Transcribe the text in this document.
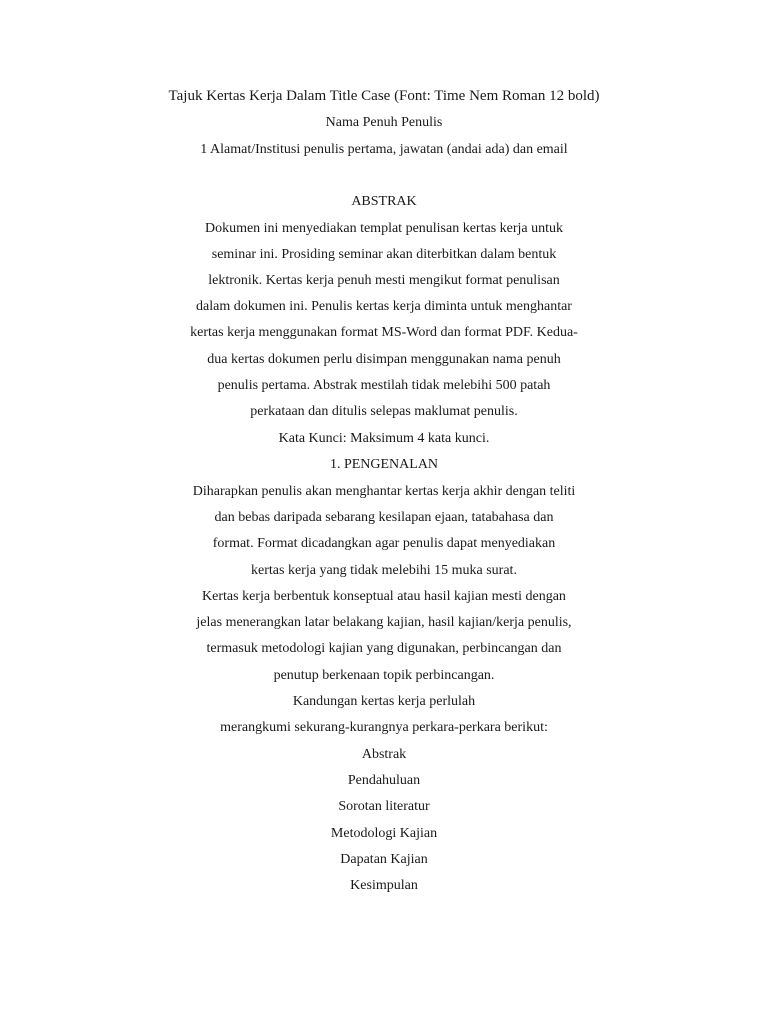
Tajuk Kertas Kerja Dalam Title Case (Font: Time Nem Roman 12 bold)
Nama Penuh Penulis
1 Alamat/Institusi penulis pertama, jawatan (andai ada) dan email
ABSTRAK
Dokumen ini menyediakan templat penulisan kertas kerja untuk
seminar ini. Prosiding seminar akan diterbitkan dalam bentuk
lektronik. Kertas kerja penuh mesti mengikut format penulisan
dalam dokumen ini. Penulis kertas kerja diminta untuk menghantar
kertas kerja menggunakan format MS-Word dan format PDF. Kedua-
dua kertas dokumen perlu disimpan menggunakan nama penuh
penulis pertama. Abstrak mestilah tidak melebihi 500 patah
perkataan dan ditulis selepas maklumat penulis.
Kata Kunci: Maksimum 4 kata kunci.
1. PENGENALAN
Diharapkan penulis akan menghantar kertas kerja akhir dengan teliti
dan bebas daripada sebarang kesilapan ejaan, tatabahasa dan
format. Format dicadangkan agar penulis dapat menyediakan
kertas kerja yang tidak melebihi 15 muka surat.
Kertas kerja berbentuk konseptual atau hasil kajian mesti dengan
jelas menerangkan latar belakang kajian, hasil kajian/kerja penulis,
termasuk metodologi kajian yang digunakan, perbincangan dan
penutup berkenaan topik perbincangan.
Kandungan kertas kerja perlulah
merangkumi sekurang-kurangnya perkara-perkara berikut:
Abstrak
Pendahuluan
Sorotan literatur
Metodologi Kajian
Dapatan Kajian
Kesimpulan
